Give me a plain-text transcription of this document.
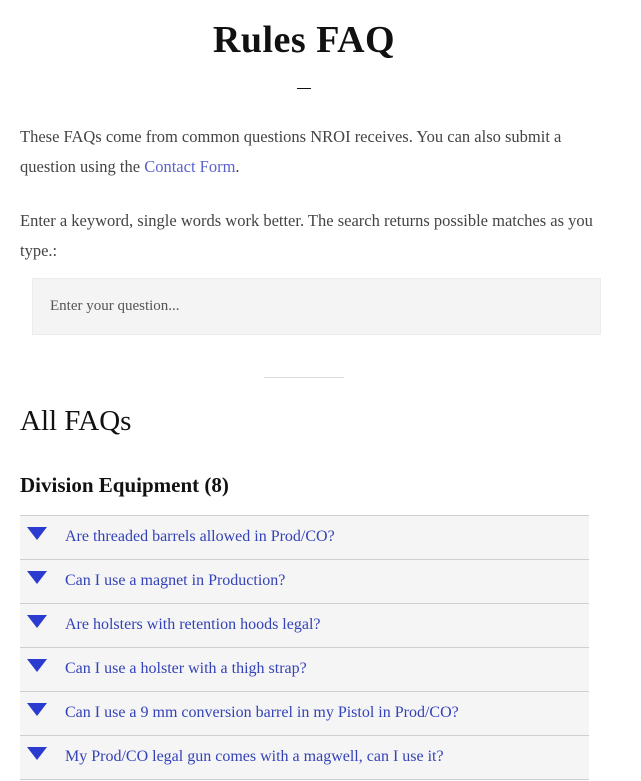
Rules FAQ

These FAQs come from common questions NROI receives. You can also submit a question using the Contact Form.

Enter a keyword, single words work better. The search returns possible matches as you type.:

Enter your question...
All FAQs
Division Equipment (8)
Are threaded barrels allowed in Prod/CO?
Can I use a magnet in Production?
Are holsters with retention hoods legal?
Can I use a holster with a thigh strap?
Can I use a 9 mm conversion barrel in my Pistol in Prod/CO?
My Prod/CO legal gun comes with a magwell, can I use it?
